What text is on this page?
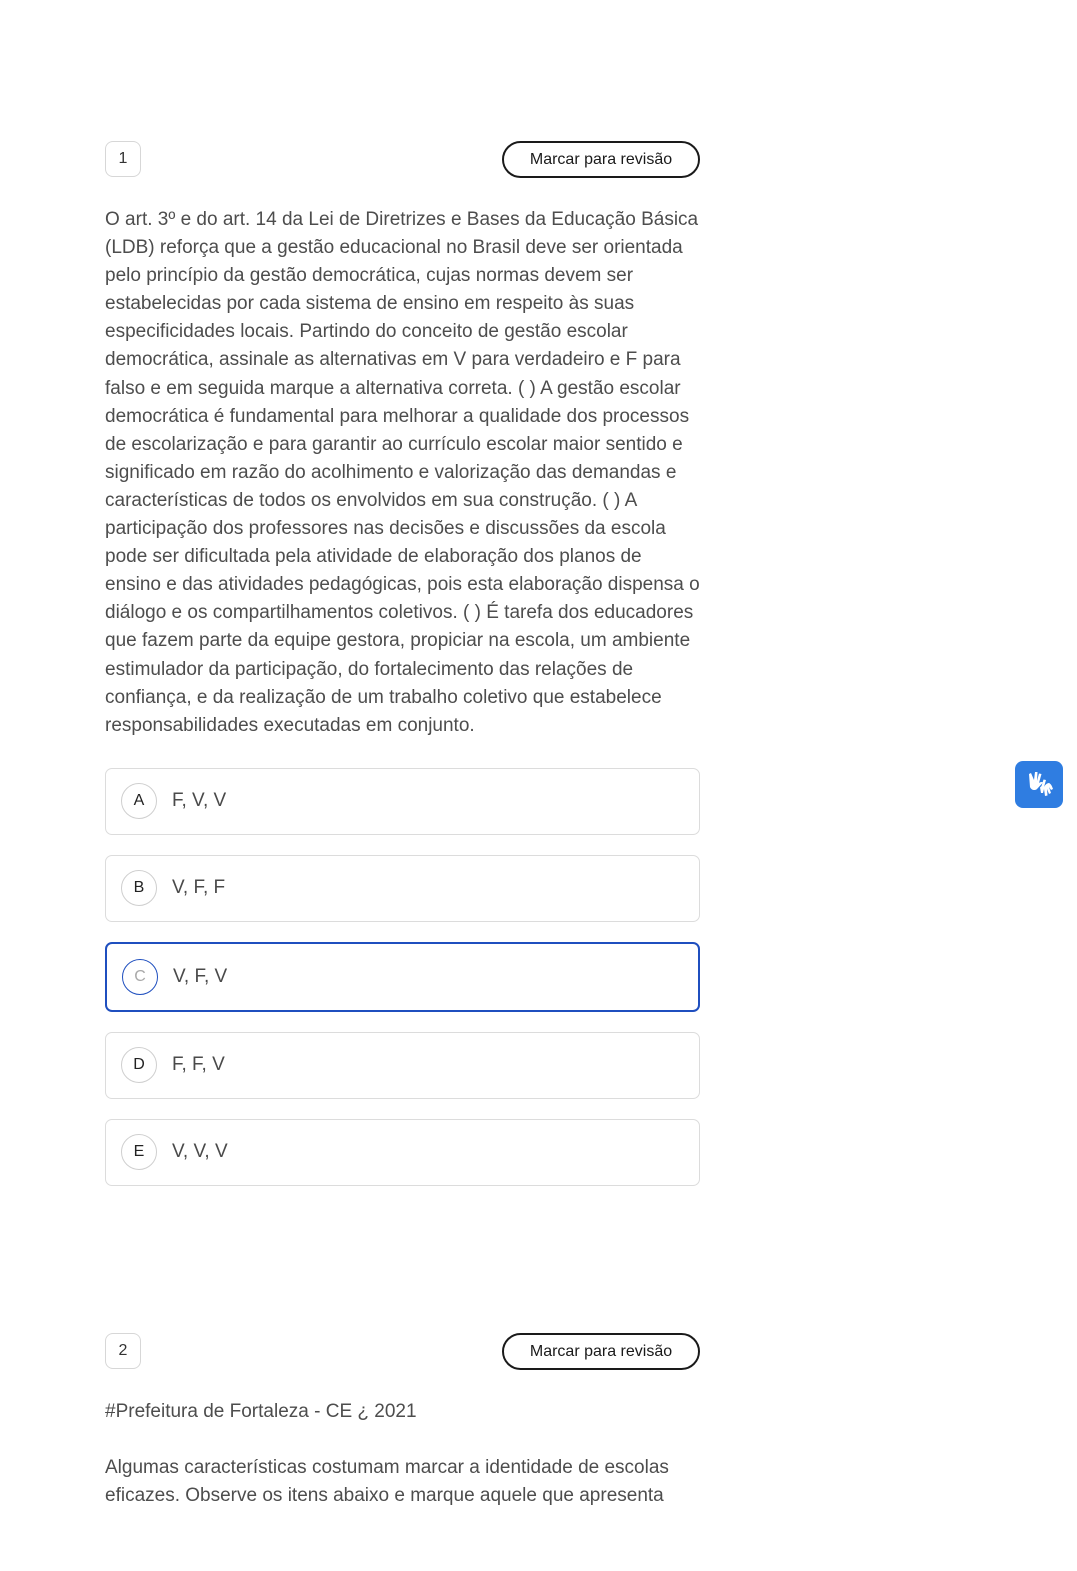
1	Marcar para revisão

O art. 3º e do art. 14 da Lei de Diretrizes e Bases da Educação Básica (LDB) reforça que a gestão educacional no Brasil deve ser orientada pelo princípio da gestão democrática, cujas normas devem ser estabelecidas por cada sistema de ensino em respeito às suas especificidades locais. Partindo do conceito de gestão escolar democrática, assinale as alternativas em V para verdadeiro e F para falso e em seguida marque a alternativa correta. ( ) A gestão escolar democrática é fundamental para melhorar a qualidade dos processos de escolarização e para garantir ao currículo escolar maior sentido e significado em razão do acolhimento e valorização das demandas e características de todos os envolvidos em sua construção. ( ) A participação dos professores nas decisões e discussões da escola pode ser dificultada pela atividade de elaboração dos planos de ensino e das atividades pedagógicas, pois esta elaboração dispensa o diálogo e os compartilhamentos coletivos. ( ) É tarefa dos educadores que fazem parte da equipe gestora, propiciar na escola, um ambiente estimulador da participação, do fortalecimento das relações de confiança, e da realização de um trabalho coletivo que estabelece responsabilidades executadas em conjunto.

A	F, V, V
B	V, F, F
C	V, F, V
D	F, F, V
E	V, V, V
2	Marcar para revisão

#Prefeitura de Fortaleza - CE ¿ 2021

Algumas características costumam marcar a identidade de escolas eficazes. Observe os itens abaixo e marque aquele que apresenta
